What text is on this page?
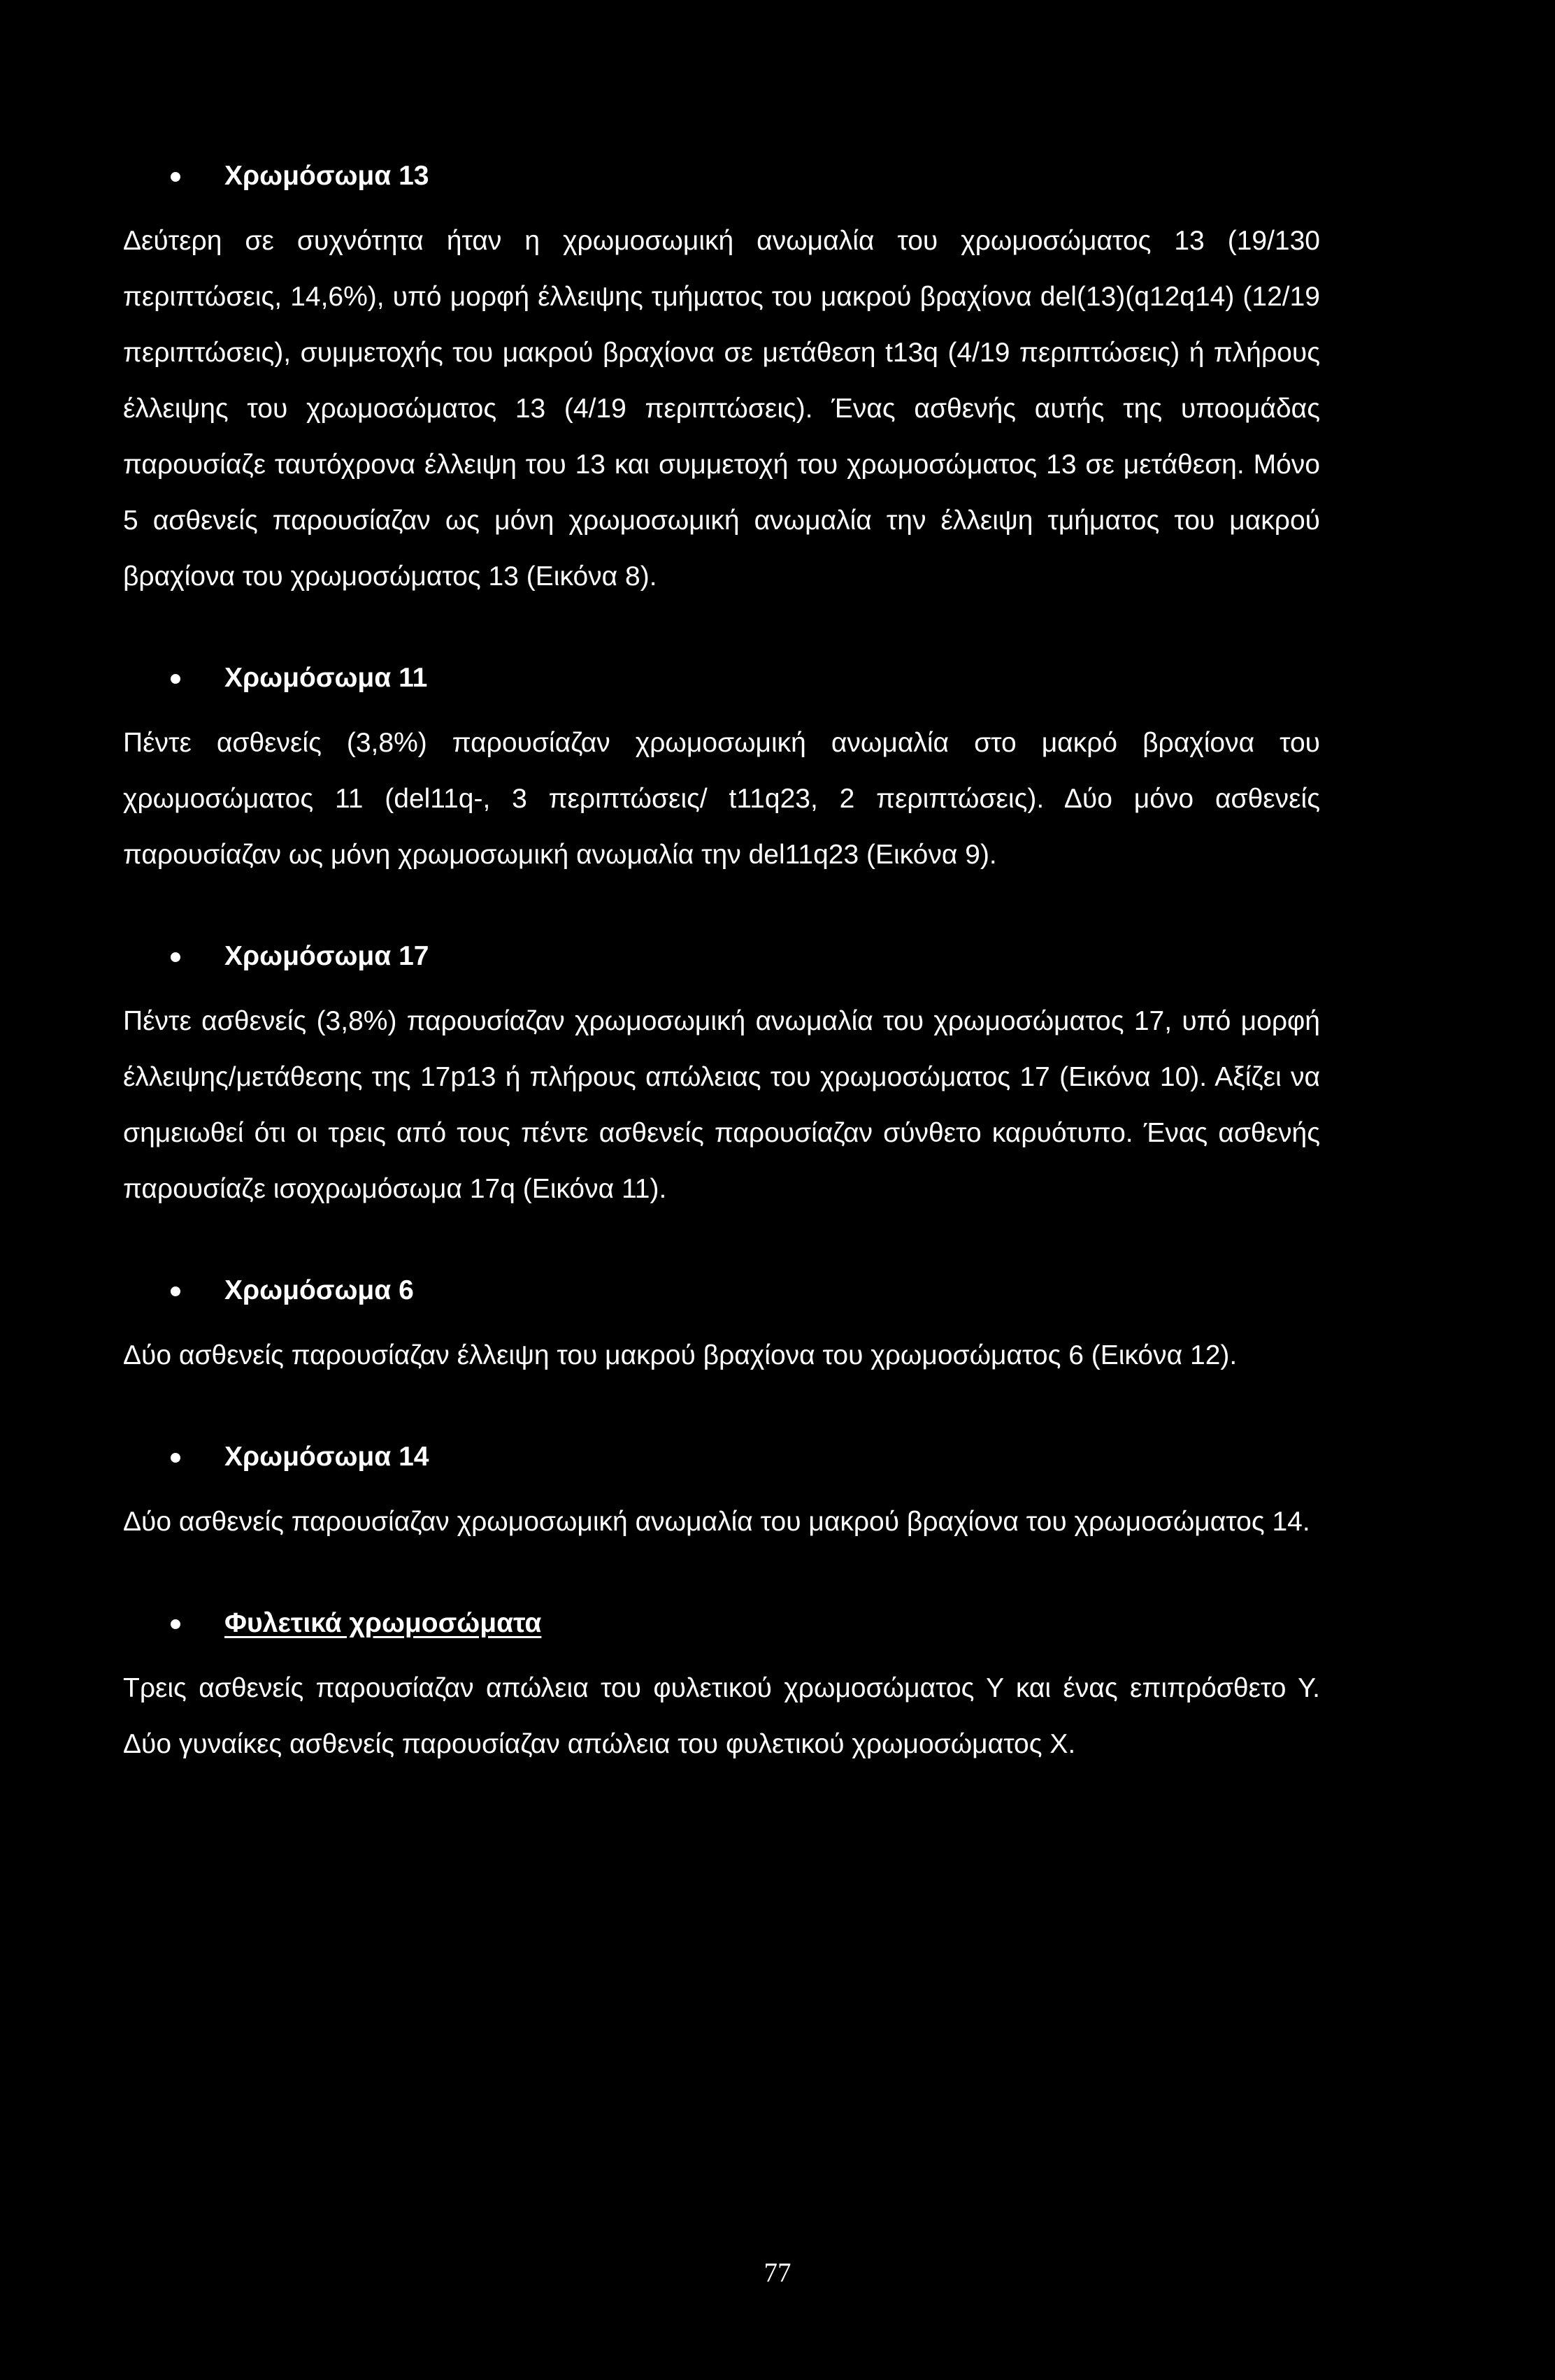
Χρωμόσωμα 13

Δεύτερη σε συχνότητα ήταν η χρωμοσωμική ανωμαλία του χρωμοσώματος 13 (19/130 περιπτώσεις, 14,6%), υπό μορφή έλλειψης τμήματος του μακρού βραχίονα del(13)(q12q14) (12/19 περιπτώσεις), συμμετοχής του μακρού βραχίονα σε μετάθεση t13q (4/19 περιπτώσεις) ή πλήρους έλλειψης του χρωμοσώματος 13 (4/19 περιπτώσεις). Ένας ασθενής αυτής της υποομάδας παρουσίαζε ταυτόχρονα έλλειψη του 13 και συμμετοχή του χρωμοσώματος 13 σε μετάθεση. Μόνο 5 ασθενείς παρουσίαζαν ως μόνη χρωμοσωμική ανωμαλία την έλλειψη τμήματος του μακρού βραχίονα του χρωμοσώματος 13 (Εικόνα 8).

Χρωμόσωμα 11

Πέντε ασθενείς (3,8%) παρουσίαζαν χρωμοσωμική ανωμαλία στο μακρό βραχίονα του χρωμοσώματος 11 (del11q-, 3 περιπτώσεις/ t11q23, 2 περιπτώσεις). Δύο μόνο ασθενείς παρουσίαζαν ως μόνη χρωμοσωμική ανωμαλία την del11q23 (Εικόνα 9).

Χρωμόσωμα 17

Πέντε ασθενείς (3,8%) παρουσίαζαν χρωμοσωμική ανωμαλία του χρωμοσώματος 17, υπό μορφή έλλειψης/μετάθεσης της 17p13 ή πλήρους απώλειας του χρωμοσώματος 17 (Εικόνα 10). Αξίζει να σημειωθεί ότι οι τρεις από τους πέντε ασθενείς παρουσίαζαν σύνθετο καρυότυπο. Ένας ασθενής παρουσίαζε ισοχρωμόσωμα 17q (Εικόνα 11).

Χρωμόσωμα 6

Δύο ασθενείς παρουσίαζαν έλλειψη του μακρού βραχίονα του χρωμοσώματος 6 (Εικόνα 12).

Χρωμόσωμα 14

Δύο ασθενείς παρουσίαζαν χρωμοσωμική ανωμαλία του μακρού βραχίονα του χρωμοσώματος 14.

Φυλετικά χρωμοσώματα

Τρεις ασθενείς παρουσίαζαν απώλεια του φυλετικού χρωμοσώματος Υ και ένας επιπρόσθετο Υ. Δύο γυναίκες ασθενείς παρουσίαζαν απώλεια του φυλετικού χρωμοσώματος Χ.

77
